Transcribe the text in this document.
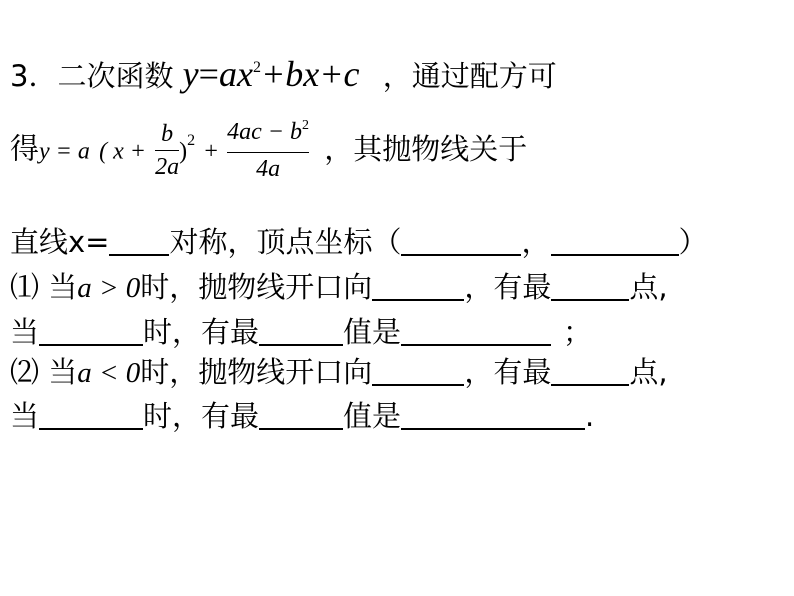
3．二次函数 $y=ax^2+bx+c$ ，通过配方可
得y = a ( $x + \frac{b}{2a} )^2 + \frac{4ac - b^2}{4a}$ ，其抛物线关于
直线x= 对称，顶点坐标（	，	）
⑴ 当a > 0时，抛物线开口向	，有最	点,
当	时，有最	值是	；
⑵ 当a < 0时，抛物线开口向	，有最	点,
当	时，有最	值是	.
